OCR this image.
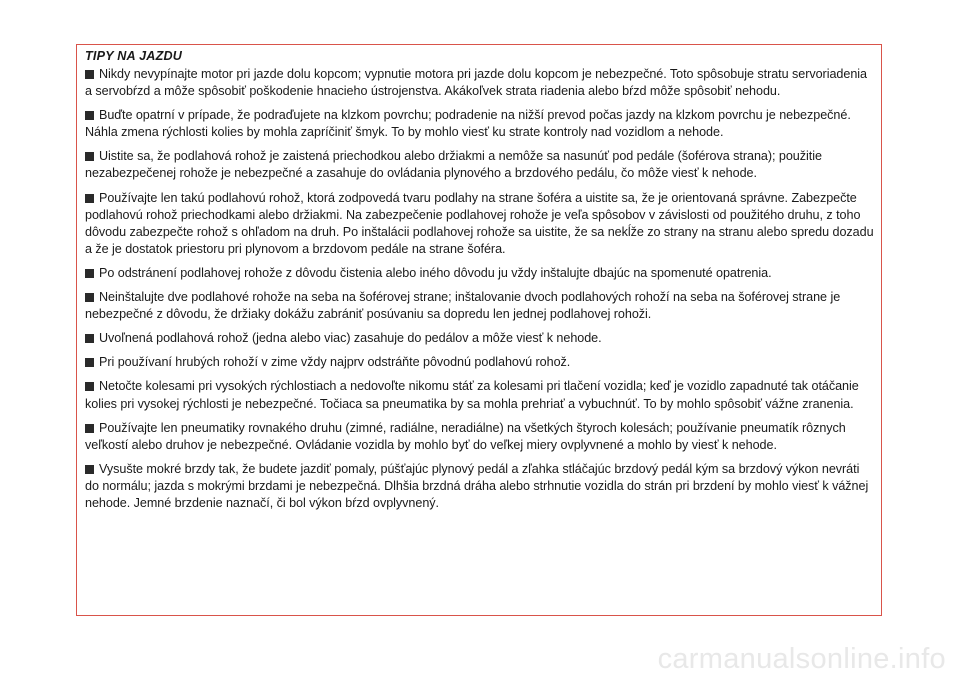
TIPY NA JAZDU
Nikdy nevypínajte motor pri jazde dolu kopcom; vypnutie motora pri jazde dolu kopcom je nebezpečné. Toto spôsobuje stratu servoriadenia a servobŕzd a môže spôsobiť poškodenie hnacieho ústrojenstva. Akákoľvek strata riadenia alebo bŕzd môže spôsobiť nehodu.
Buďte opatrní v prípade, že podraďujete na klzkom povrchu; podradenie na nižší prevod počas jazdy na klzkom povrchu je nebezpečné. Náhla zmena rýchlosti kolies by mohla zapríčiniť šmyk. To by mohlo viesť ku strate kontroly nad vozidlom a nehode.
Uistite sa, že podlahová rohož je zaistená priechodkou alebo držiakmi a nemôže sa nasunúť pod pedále (šoférova strana); použitie nezabezpečenej rohože je nebezpečné a zasahuje do ovládania plynového a brzdového pedálu, čo môže viesť k nehode.
Používajte len takú podlahovú rohož, ktorá zodpovedá tvaru podlahy na strane šoféra a uistite sa, že je orientovaná správne. Zabezpečte podlahovú rohož priechodkami alebo držiakmi. Na zabezpečenie podlahovej rohože je veľa spôsobov v závislosti od použitého druhu, z toho dôvodu zabezpečte rohož s ohľadom na druh. Po inštalácii podlahovej rohože sa uistite, že sa nekĺže zo strany na stranu alebo spredu dozadu a že je dostatok priestoru pri plynovom a brzdovom pedále na strane šoféra.
Po odstránení podlahovej rohože z dôvodu čistenia alebo iného dôvodu ju vždy inštalujte dbajúc na spomenuté opatrenia.
Neinštalujte dve podlahové rohože na seba na šoférovej strane; inštalovanie dvoch podlahových rohoží na seba na šoférovej strane je nebezpečné z dôvodu, že držiaky dokážu zabrániť posúvaniu sa dopredu len jednej podlahovej rohoži.
Uvoľnená podlahová rohož (jedna alebo viac) zasahuje do pedálov a môže viesť k nehode.
Pri používaní hrubých rohoží v zime vždy najprv odstráňte pôvodnú podlahovú rohož.
Netočte kolesami pri vysokých rýchlostiach a nedovoľte nikomu stáť za kolesami pri tlačení vozidla; keď je vozidlo zapadnuté tak otáčanie kolies pri vysokej rýchlosti je nebezpečné. Točiaca sa pneumatika by sa mohla prehriať a vybuchnúť. To by mohlo spôsobiť vážne zranenia.
Používajte len pneumatiky rovnakého druhu (zimné, radiálne, neradiálne) na všetkých štyroch kolesách; používanie pneumatík rôznych veľkostí alebo druhov je nebezpečné. Ovládanie vozidla by mohlo byť do veľkej miery ovplyvnené a mohlo by viesť k nehode.
Vysušte mokré brzdy tak, že budete jazdiť pomaly, púšťajúc plynový pedál a zľahka stláčajúc brzdový pedál kým sa brzdový výkon nevráti do normálu; jazda s mokrými brzdami je nebezpečná. Dlhšia brzdná dráha alebo strhnutie vozidla do strán pri brzdení by mohlo viesť k vážnej nehode. Jemné brzdenie naznačí, či bol výkon bŕzd ovplyvnený.
carmanualsonline.info
